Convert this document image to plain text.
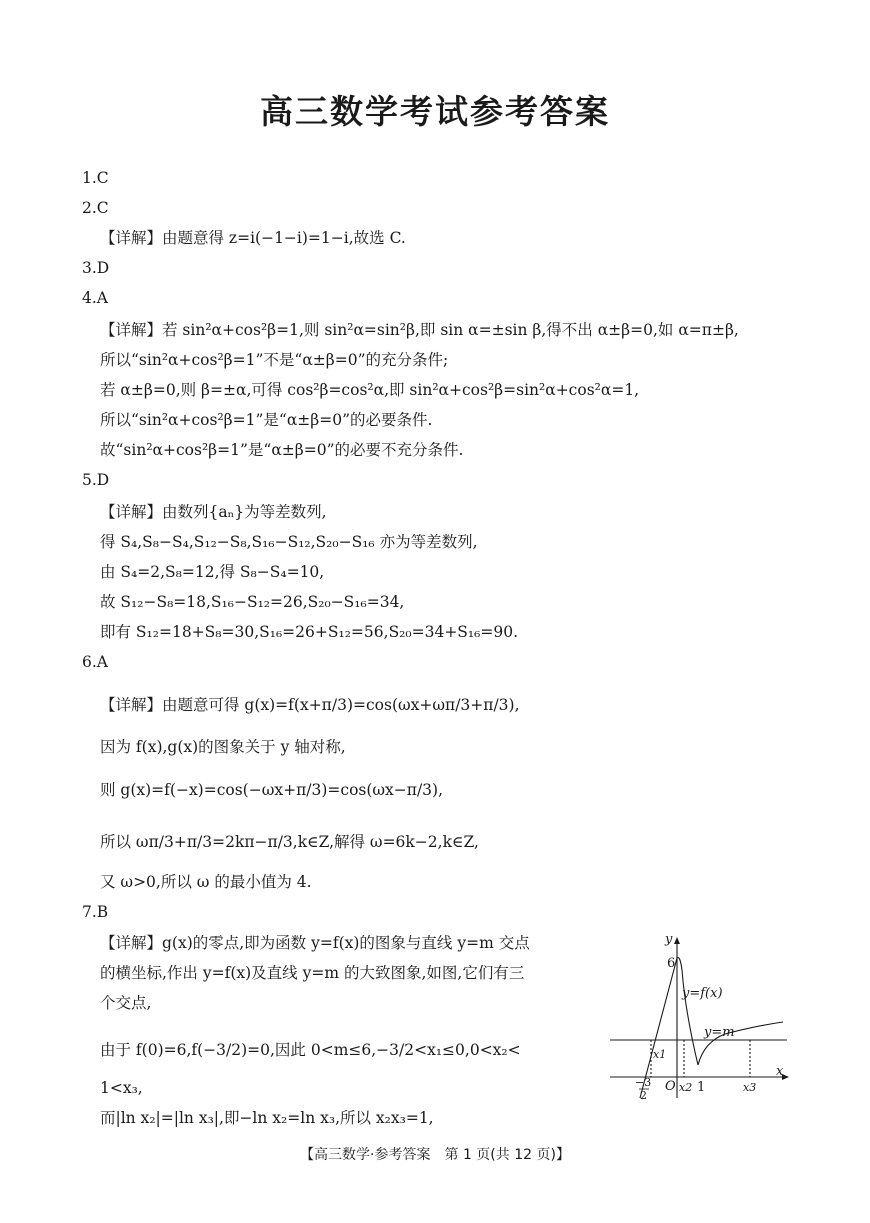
高三数学考试参考答案
1.C
2.C
【详解】由题意得 z=i(−1−i)=1−i,故选 C.
3.D
4.A
【详解】若 sin²α+cos²β=1,则 sin²α=sin²β,即 sin α=±sin β,得不出 α±β=0,如 α=π±β,
所以“sin²α+cos²β=1”不是“α±β=0”的充分条件;
若 α±β=0,则 β=±α,可得 cos²β=cos²α,即 sin²α+cos²β=sin²α+cos²α=1,
所以“sin²α+cos²β=1”是“α±β=0”的必要条件.
故“sin²α+cos²β=1”是“α±β=0”的必要不充分条件.
5.D
【详解】由数列{aₙ}为等差数列,
得 S₄,S₈−S₄,S₁₂−S₈,S₁₆−S₁₂,S₂₀−S₁₆ 亦为等差数列,
由 S₄=2,S₈=12,得 S₈−S₄=10,
故 S₁₂−S₈=18,S₁₆−S₁₂=26,S₂₀−S₁₆=34,
即有 S₁₂=18+S₈=30,S₁₆=26+S₁₂=56,S₂₀=34+S₁₆=90.
6.A
【详解】由题意可得 g(x)=f(x+π/3)=cos(ωx+ωπ/3+π/3),
因为 f(x),g(x)的图象关于 y 轴对称,
则 g(x)=f(−x)=cos(−ωx+π/3)=cos(ωx−π/3),
所以 ωπ/3+π/3=2kπ−π/3,k∈Z,解得 ω=6k−2,k∈Z,
又 ω>0,所以 ω 的最小值为 4.
7.B
【详解】g(x)的零点,即为函数 y=f(x)的图象与直线 y=m 交点
的横坐标,作出 y=f(x)及直线 y=m 的大致图象,如图,它们有三
个交点,
由于 f(0)=6,f(−3/2)=0,因此 0<m≤6,−3/2<x₁≤0,0<x₂<
1<x₃,
而|ln x₂|=|ln x₃|,即−ln x₂=ln x₃,所以 x₂x₃=1,
y
x
6
y=f(x)
y=m
O
x1
x2 1	x3
−3
2
【高三数学·参考答案　第 1 页(共 12 页)】
